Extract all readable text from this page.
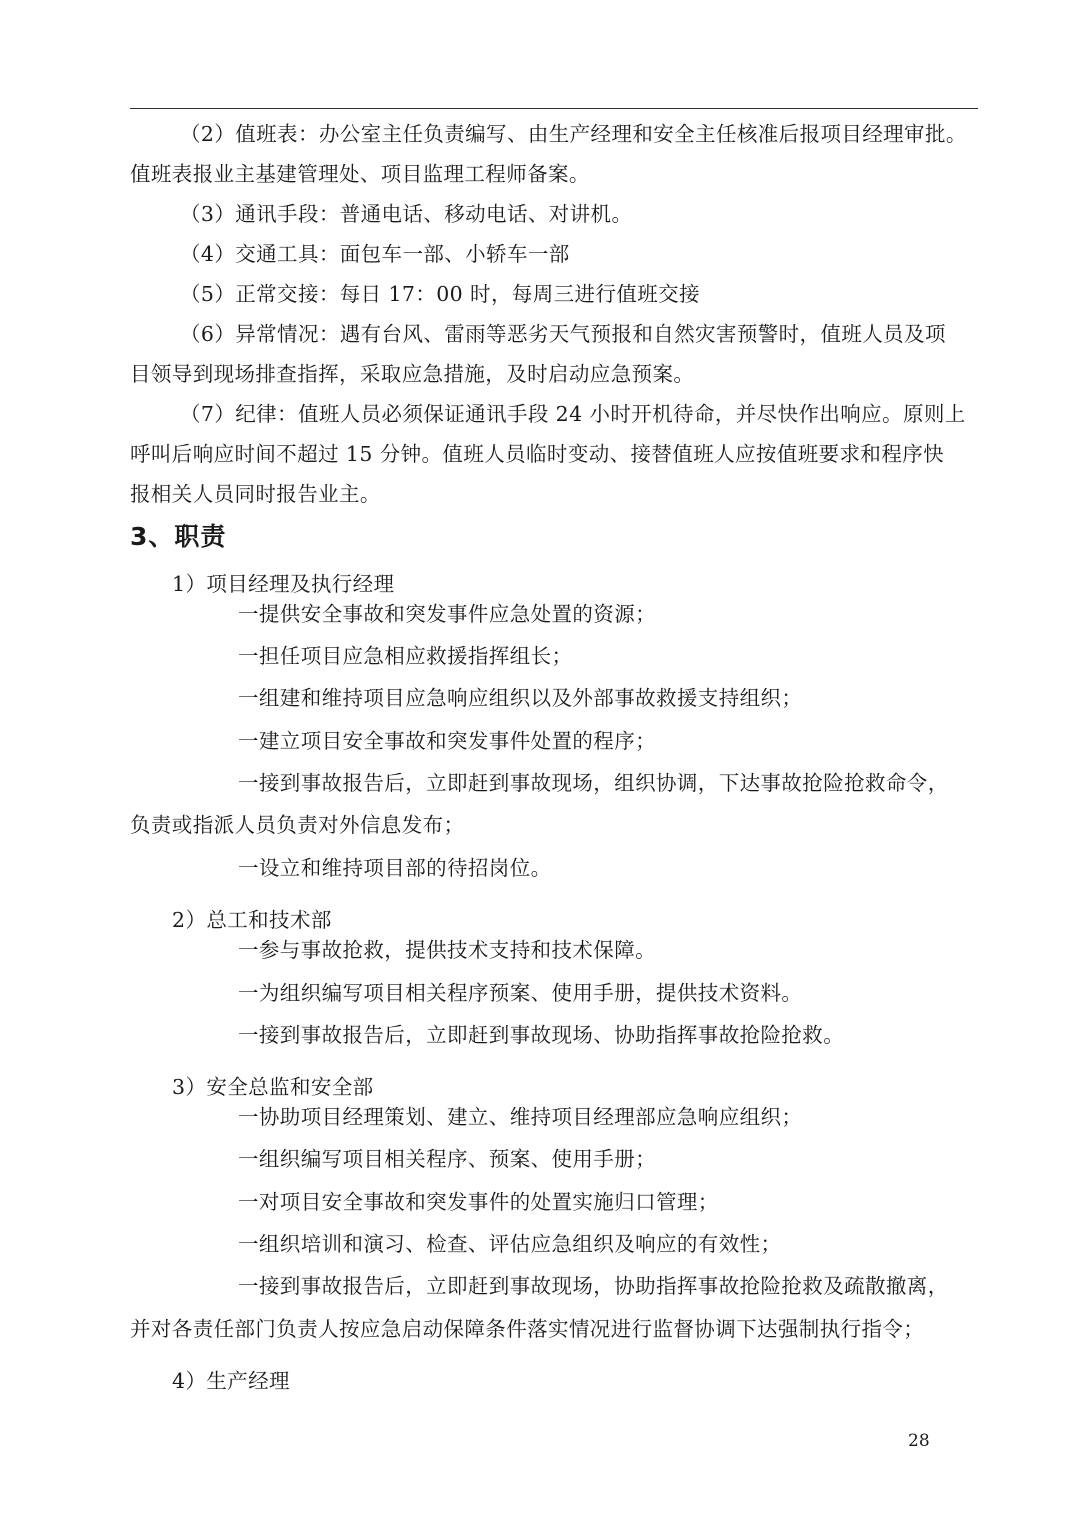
（2）值班表：办公室主任负责编写、由生产经理和安全主任核准后报项目经理审批。
值班表报业主基建管理处、项目监理工程师备案。
（3）通讯手段：普通电话、移动电话、对讲机。
（4）交通工具：面包车一部、小轿车一部
（5）正常交接：每日 17：00 时，每周三进行值班交接
（6）异常情况：遇有台风、雷雨等恶劣天气预报和自然灾害预警时，值班人员及项
目领导到现场排查指挥，采取应急措施，及时启动应急预案。
（7）纪律：值班人员必须保证通讯手段 24 小时开机待命，并尽快作出响应。原则上
呼叫后响应时间不超过 15 分钟。值班人员临时变动、接替值班人应按值班要求和程序快
报相关人员同时报告业主。
3、职责
1）项目经理及执行经理
一提供安全事故和突发事件应急处置的资源；
一担任项目应急相应救援指挥组长；
一组建和维持项目应急响应组织以及外部事故救援支持组织；
一建立项目安全事故和突发事件处置的程序；
一接到事故报告后，立即赶到事故现场，组织协调，下达事故抢险抢救命令，
负责或指派人员负责对外信息发布；
一设立和维持项目部的待招岗位。
2）总工和技术部
一参与事故抢救，提供技术支持和技术保障。
一为组织编写项目相关程序预案、使用手册，提供技术资料。
一接到事故报告后，立即赶到事故现场、协助指挥事故抢险抢救。
3）安全总监和安全部
一协助项目经理策划、建立、维持项目经理部应急响应组织；
一组织编写项目相关程序、预案、使用手册；
一对项目安全事故和突发事件的处置实施归口管理；
一组织培训和演习、检查、评估应急组织及响应的有效性；
一接到事故报告后，立即赶到事故现场，协助指挥事故抢险抢救及疏散撤离，
并对各责任部门负责人按应急启动保障条件落实情况进行监督协调下达强制执行指令；
4）生产经理
28
